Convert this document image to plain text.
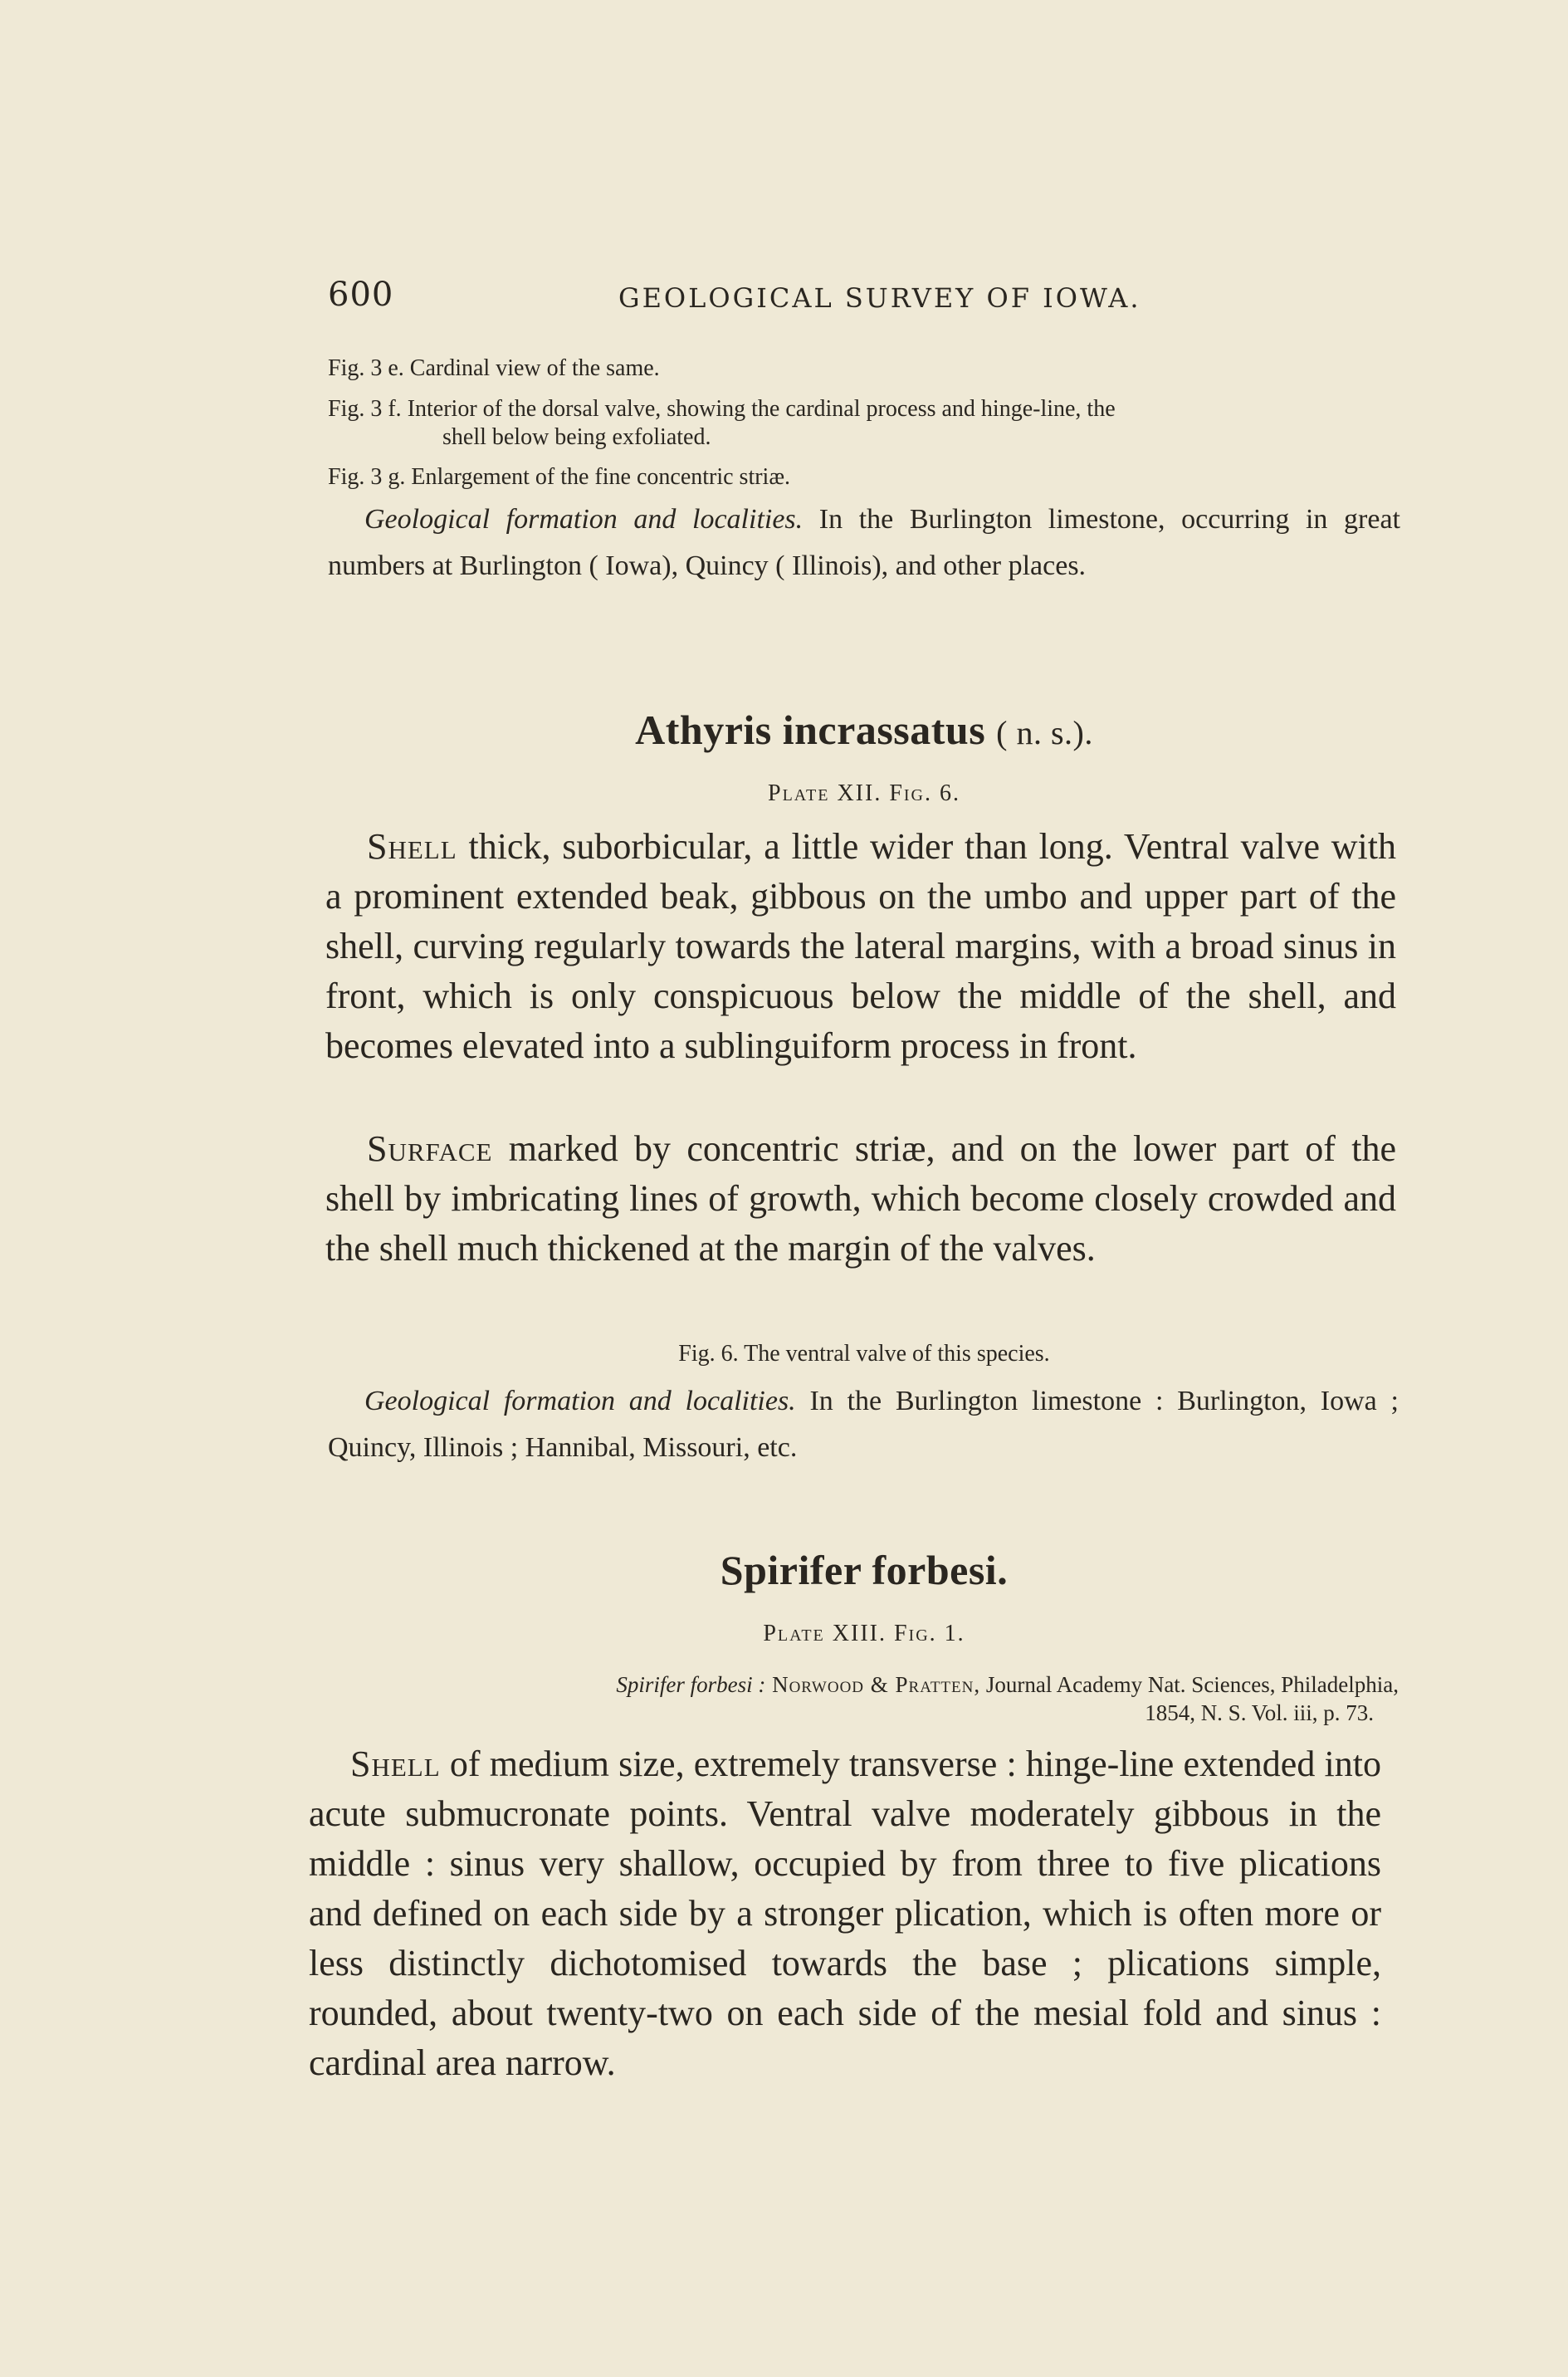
600	GEOLOGICAL SURVEY OF IOWA.
Fig. 3 e. Cardinal view of the same.
Fig. 3 f. Interior of the dorsal valve, showing the cardinal process and hinge-line, the
shell below being exfoliated.
Fig. 3 g. Enlargement of the fine concentric striæ.
Geological formation and localities. In the Burlington limestone, occurring in great numbers at Burlington ( Iowa), Quincy ( Illinois), and other places.
Athyris incrassatus ( n. s.).
Plate XII. Fig. 6.
Shell thick, suborbicular, a little wider than long. Ventral valve with a prominent extended beak, gibbous on the umbo and upper part of the shell, curving regularly towards the lateral margins, with a broad sinus in front, which is only conspicuous below the middle of the shell, and becomes elevated into a sublinguiform process in front.
Surface marked by concentric striæ, and on the lower part of the shell by imbricating lines of growth, which become closely crowded and the shell much thickened at the margin of the valves.
Fig. 6. The ventral valve of this species.
Geological formation and localities. In the Burlington limestone : Burlington, Iowa ; Quincy, Illinois ; Hannibal, Missouri, etc.
Spirifer forbesi.
Plate XIII. Fig. 1.
Spirifer forbesi : Norwood & Pratten, Journal Academy Nat. Sciences, Philadelphia,
1854, N. S. Vol. iii, p. 73.
Shell of medium size, extremely transverse : hinge-line extended into acute submucronate points. Ventral valve moderately gibbous in the middle : sinus very shallow, occupied by from three to five plications and defined on each side by a stronger plication, which is often more or less distinctly dichotomised towards the base ; plications simple, rounded, about twenty-two on each side of the mesial fold and sinus : cardinal area narrow.
